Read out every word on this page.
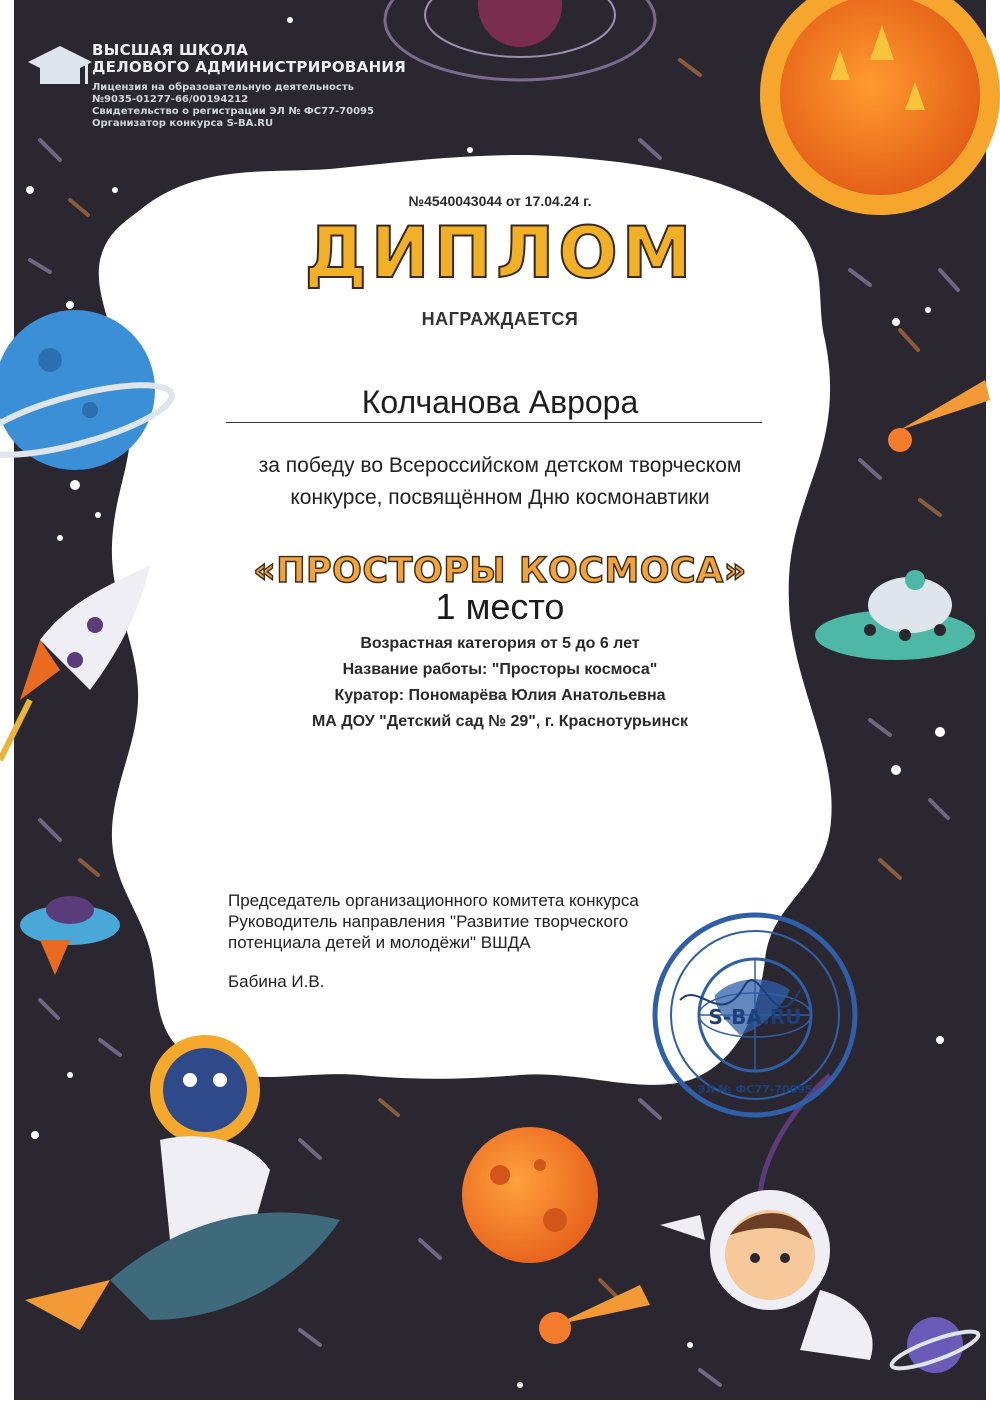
S-BA.RU
ЭЛ № ФС77-70095
ВЫСШАЯ ШКОЛА
ДЕЛОВОГО АДМИНИСТРИРОВАНИЯ
Лицензия на образовательную деятельность
№9035-01277-66/00194212
Свидетельство о регистрации ЭЛ № ФС77-70095
Организатор конкурса S-BA.RU
№4540043044 от 17.04.24 г.
ДИПЛОМ
НАГРАЖДАЕТСЯ
Колчанова Аврора
за победу во Всероссийском детском творческом
конкурсе, посвящённом Дню космонавтики
«ПРОСТОРЫ КОСМОСА»
1 место
Возрастная категория от 5 до 6 лет
Название работы: "Просторы космоса"
Куратор: Пономарёва Юлия Анатольевна
МА ДОУ "Детский сад № 29", г. Краснотурьинск
Председатель организационного комитета конкурса
Руководитель направления "Развитие творческого
потенциала детей и молодёжи" ВШДА
Бабина И.В.
